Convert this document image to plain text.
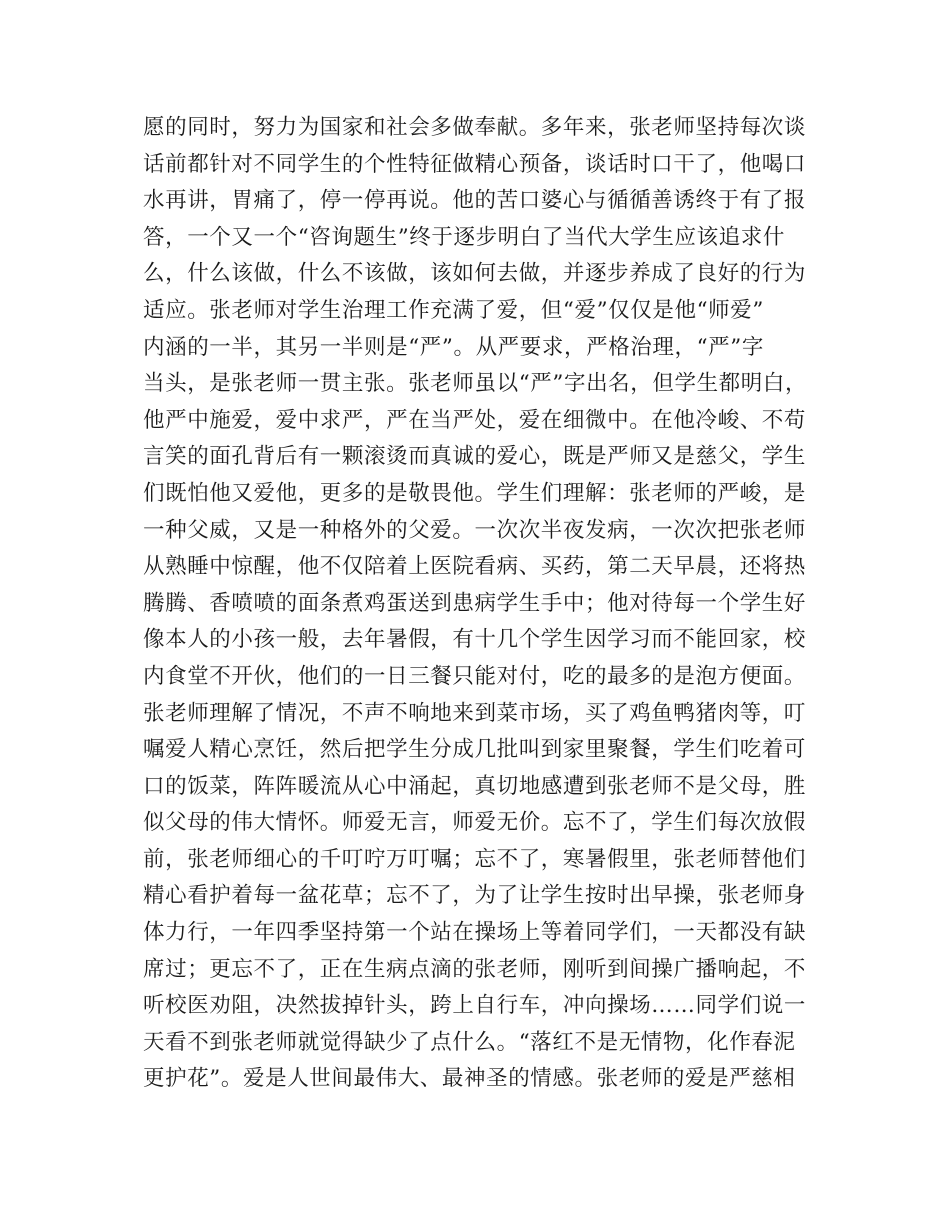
愿的同时，努力为国家和社会多做奉献。多年来，张老师坚持每次谈
话前都针对不同学生的个性特征做精心预备，谈话时口干了，他喝口
水再讲，胃痛了，停一停再说。他的苦口婆心与循循善诱终于有了报
答，一个又一个“咨询题生”终于逐步明白了当代大学生应该追求什
么，什么该做，什么不该做，该如何去做，并逐步养成了良好的行为
适应。张老师对学生治理工作充满了爱，但“爱”仅仅是他“师爱”
内涵的一半，其另一半则是“严”。从严要求，严格治理，“严”字
当头，是张老师一贯主张。张老师虽以“严”字出名，但学生都明白，
他严中施爱，爱中求严，严在当严处，爱在细微中。在他冷峻、不苟
言笑的面孔背后有一颗滚烫而真诚的爱心，既是严师又是慈父，学生
们既怕他又爱他，更多的是敬畏他。学生们理解：张老师的严峻，是
一种父威，又是一种格外的父爱。一次次半夜发病，一次次把张老师
从熟睡中惊醒，他不仅陪着上医院看病、买药，第二天早晨，还将热
腾腾、香喷喷的面条煮鸡蛋送到患病学生手中；他对待每一个学生好
像本人的小孩一般，去年暑假，有十几个学生因学习而不能回家，校
内食堂不开伙，他们的一日三餐只能对付，吃的最多的是泡方便面。
张老师理解了情况，不声不响地来到菜市场，买了鸡鱼鸭猪肉等，叮
嘱爱人精心烹饪，然后把学生分成几批叫到家里聚餐，学生们吃着可
口的饭菜，阵阵暖流从心中涌起，真切地感遭到张老师不是父母，胜
似父母的伟大情怀。师爱无言，师爱无价。忘不了，学生们每次放假
前，张老师细心的千叮咛万叮嘱；忘不了，寒暑假里，张老师替他们
精心看护着每一盆花草；忘不了，为了让学生按时出早操，张老师身
体力行，一年四季坚持第一个站在操场上等着同学们，一天都没有缺
席过；更忘不了，正在生病点滴的张老师，刚听到间操广播响起，不
听校医劝阻，决然拔掉针头，跨上自行车，冲向操场……同学们说一
天看不到张老师就觉得缺少了点什么。“落红不是无情物，化作春泥
更护花”。爱是人世间最伟大、最神圣的情感。张老师的爱是严慈相
